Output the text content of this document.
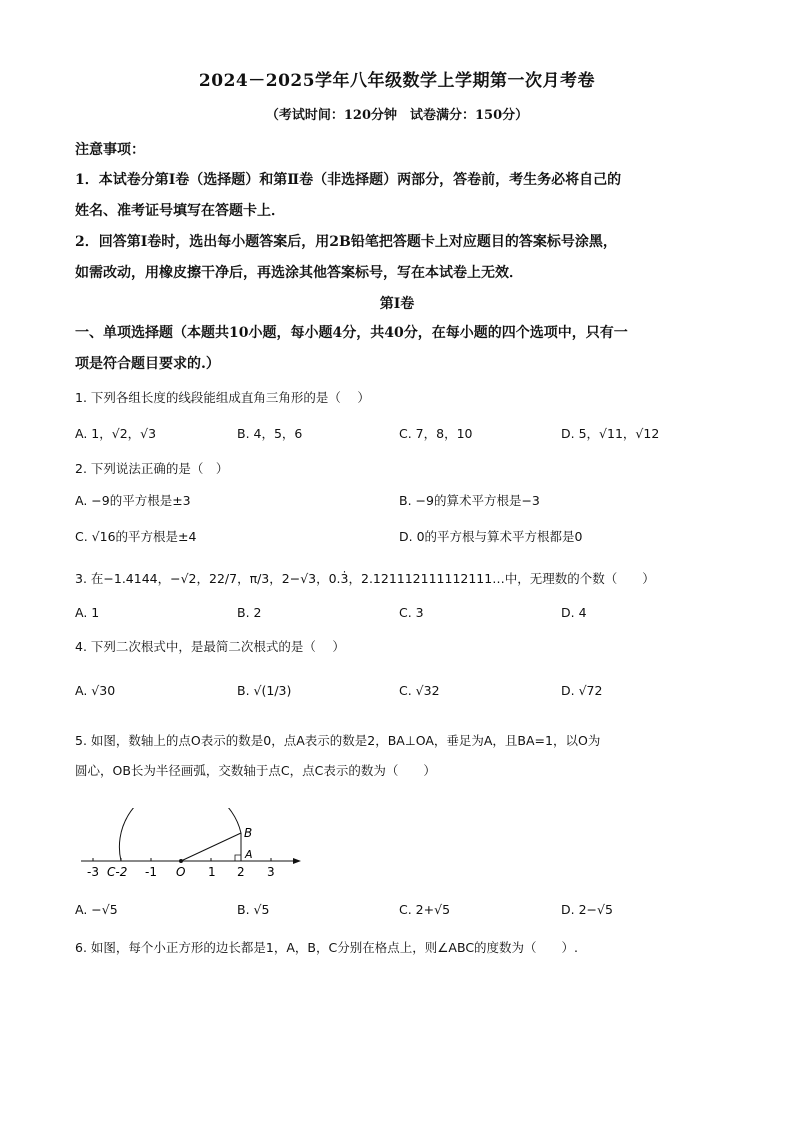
2024－2025学年八年级数学上学期第一次月考卷
（考试时间：120分钟　试卷满分：150分）
注意事项：
1．本试卷分第Ⅰ卷（选择题）和第Ⅱ卷（非选择题）两部分，答卷前，考生务必将自己的
姓名、准考证号填写在答题卡上．
2．回答第Ⅰ卷时，选出每小题答案后，用2B铅笔把答题卡上对应题目的答案标号涂黑，
如需改动，用橡皮擦干净后，再选涂其他答案标号，写在本试卷上无效．
第Ⅰ卷
一、单项选择题（本题共10小题，每小题4分，共40分，在每小题的四个选项中，只有一
项是符合题目要求的.）
1. 下列各组长度的线段能组成直角三角形的是（　 ）
A. 1，√2，√3	B. 4，5，6	C. 7，8，10	D. 5，√11，√12
2. 下列说法正确的是（　）
A. −9的平方根是±3	B. −9的算术平方根是−3
C. √16的平方根是±4	D. 0的平方根与算术平方根都是0
3. 在−1.4144，−√2，22/7，π/3，2−√3，0.3̇，2.121112111112111…中，无理数的个数（　　）
A. 1	B. 2	C. 3	D. 4
4. 下列二次根式中，是最简二次根式的是（　 ）
A. √30	B. √(1/3)	C. √32	D. √72
5. 如图，数轴上的点O表示的数是0，点A表示的数是2，BA⊥OA，垂足为A，且BA=1，以O为
圆心，OB长为半径画弧，交数轴于点C，点C表示的数为（　　）
-3 C-2 -1 O 1 2 3
B
A
A. −√5	B. √5	C. 2+√5	D. 2−√5
6. 如图，每个小正方形的边长都是1，A，B，C分别在格点上，则∠ABC的度数为（　　）.
